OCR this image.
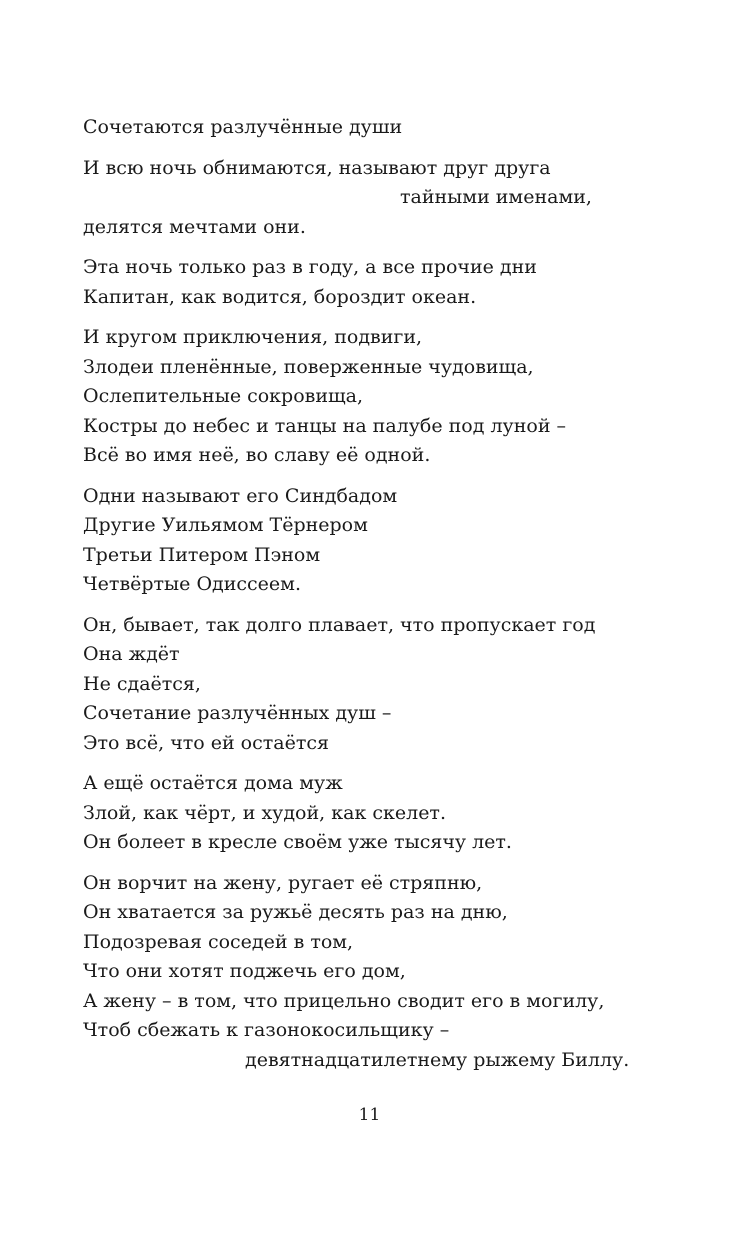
Сочетаются разлучённые души
И всю ночь обнимаются, называют друг друга
тайными именами,
делятся мечтами они.
Эта ночь только раз в году, а все прочие дни
Капитан, как водится, бороздит океан.
И кругом приключения, подвиги,
Злодеи пленённые, поверженные чудовища,
Ослепительные сокровища,
Костры до небес и танцы на палубе под луной –
Всё во имя неё, во славу её одной.
Одни называют его Синдбадом
Другие Уильямом Тёрнером
Третьи Питером Пэном
Четвёртые Одиссеем.
Он, бывает, так долго плавает, что пропускает год
Она ждёт
Не сдаётся,
Сочетание разлучённых душ –
Это всё, что ей остаётся
А ещё остаётся дома муж
Злой, как чёрт, и худой, как скелет.
Он болеет в кресле своём уже тысячу лет.
Он ворчит на жену, ругает её стряпню,
Он хватается за ружьё десять раз на дню,
Подозревая соседей в том,
Что они хотят поджечь его дом,
А жену – в том, что прицельно сводит его в могилу,
Чтоб сбежать к газонокосильщику –
девятнадцатилетнему рыжему Биллу.
11
